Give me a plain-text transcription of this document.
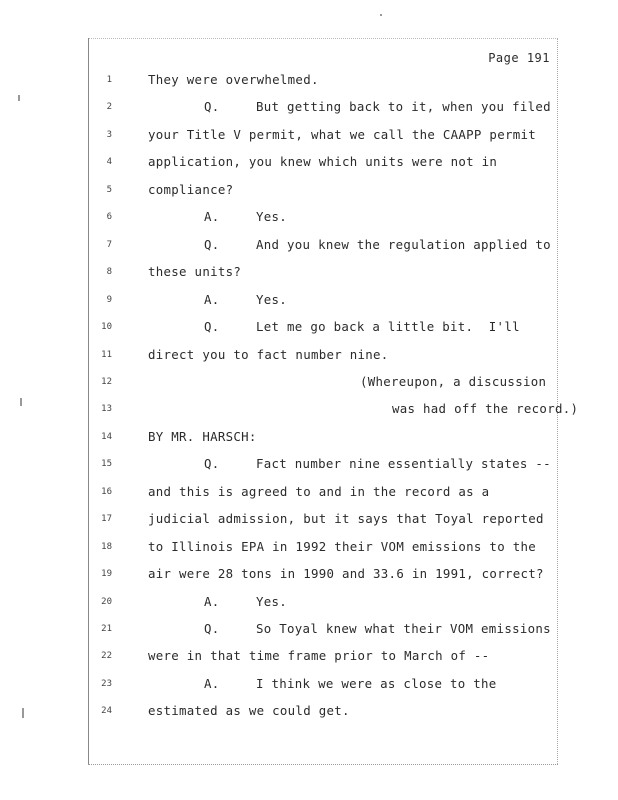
Page 191
1	They were overwhelmed.
2	Q.	But getting back to it, when you filed
3	your Title V permit, what we call the CAAPP permit
4	application, you knew which units were not in
5	compliance?
6	A.	Yes.
7	Q.	And you knew the regulation applied to
8	these units?
9	A.	Yes.
10	Q.	Let me go back a little bit.  I'll
11	direct you to fact number nine.
12	(Whereupon, a discussion
13	was had off the record.)
14	BY MR. HARSCH:
15	Q.	Fact number nine essentially states --
16	and this is agreed to and in the record as a
17	judicial admission, but it says that Toyal reported
18	to Illinois EPA in 1992 their VOM emissions to the
19	air were 28 tons in 1990 and 33.6 in 1991, correct?
20	A.	Yes.
21	Q.	So Toyal knew what their VOM emissions
22	were in that time frame prior to March of --
23	A.	I think we were as close to the
24	estimated as we could get.
